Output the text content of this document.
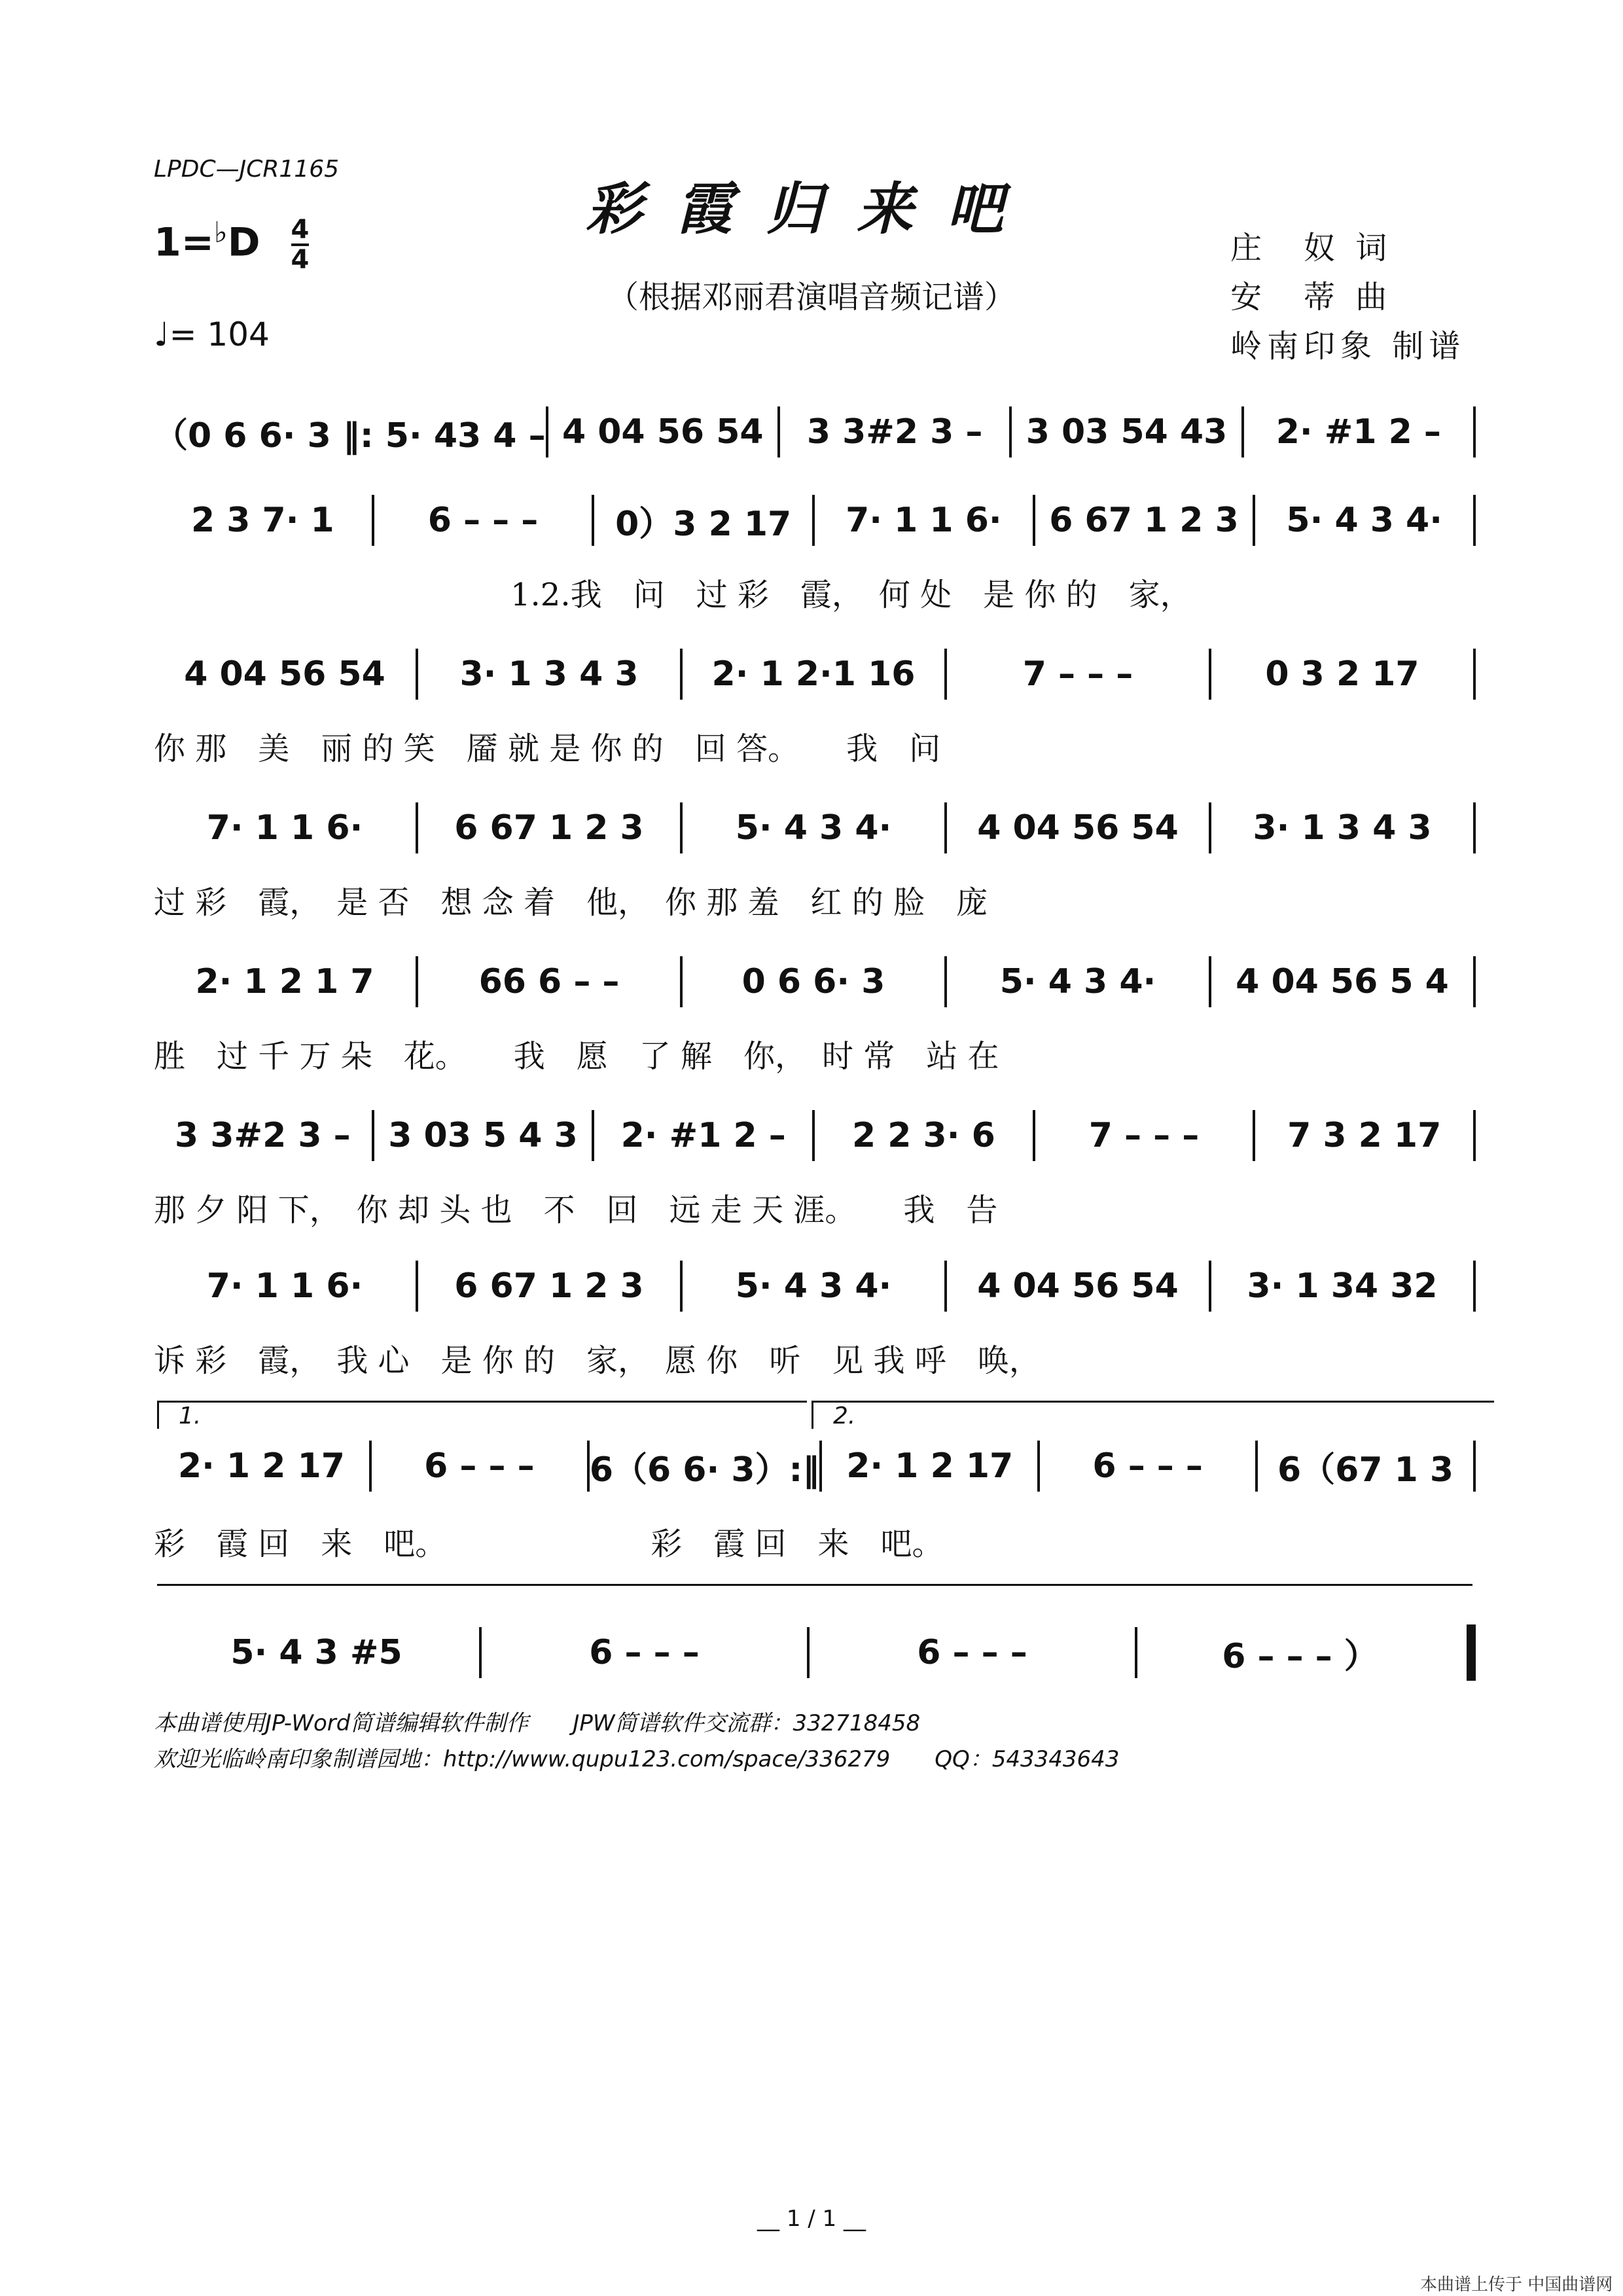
LPDC—JCR1165
彩霞归来吧
（根据邓丽君演唱音频记谱）
$1=^♭D \frac{4}{4}$
♩= 104
庄　奴 词
安　蒂 曲
岭南印象 制谱
（0 6 6· 3 ‖: 5· 43 4 – 4 04 56 54	3 3#2 3 –	3 03 54 43	2· #1 2 –
2 3 7· 1	6 – – –	0）3 2 17	7· 1 1 6·	6 67 1 2 3	5· 4 3 4·
4 04 56 54	3· 1 3 4 3	2· 1 2·1 16	7 – – –	0 3 2 17
7· 1 1 6·	6 67 1 2 3	5· 4 3 4·	4 04 56 54	3· 1 3 4 3
2· 1 2 1 7	66 6 – –	0 6 6· 3	5· 4 3 4·	4 04 56 5 4
3 3#2 3 –	3 03 5 4 3	2· #1 2 –	2 2 3· 6	7 – – –	7 3 2 17
7· 1 1 6·	6 67 1 2 3	5· 4 3 4·	4 04 56 54	3· 1 34 32
2· 1 2 17	6 – – –	6（6 6· 3）:‖ 2· 1 2 17	6 – – –	6（67 1 3
5· 4 3 #5	6 – – –	6 – – –	6 – – – ）
1.2.我　问　过 彩　霞，　何 处　是 你 的　家，
你 那　美　丽 的 笑　靥 就 是 你 的　回 答。　　我　问
过 彩　霞，　是 否　想 念 着　他，　你 那 羞　红 的 脸　庞
胜　过 千 万 朵　花。　　我　愿　了 解　你，　时 常　站 在
那 夕 阳 下，　你 却 头 也　不　回　远 走 天 涯。　　我　告
诉 彩　霞，　我 心　是 你 的　家，　愿 你　听　见 我 呼　唤，
彩　霞 回　来　吧。　　　　　　　彩　霞 回　来　吧。
1.	2.
本曲谱使用JP-Word简谱编辑软件制作　　JPW简谱软件交流群：332718458
欢迎光临岭南印象制谱园地：http://www.qupu123.com/space/336279　　QQ：543343643
__ 1 / 1 __
本曲谱上传于 中国曲谱网
